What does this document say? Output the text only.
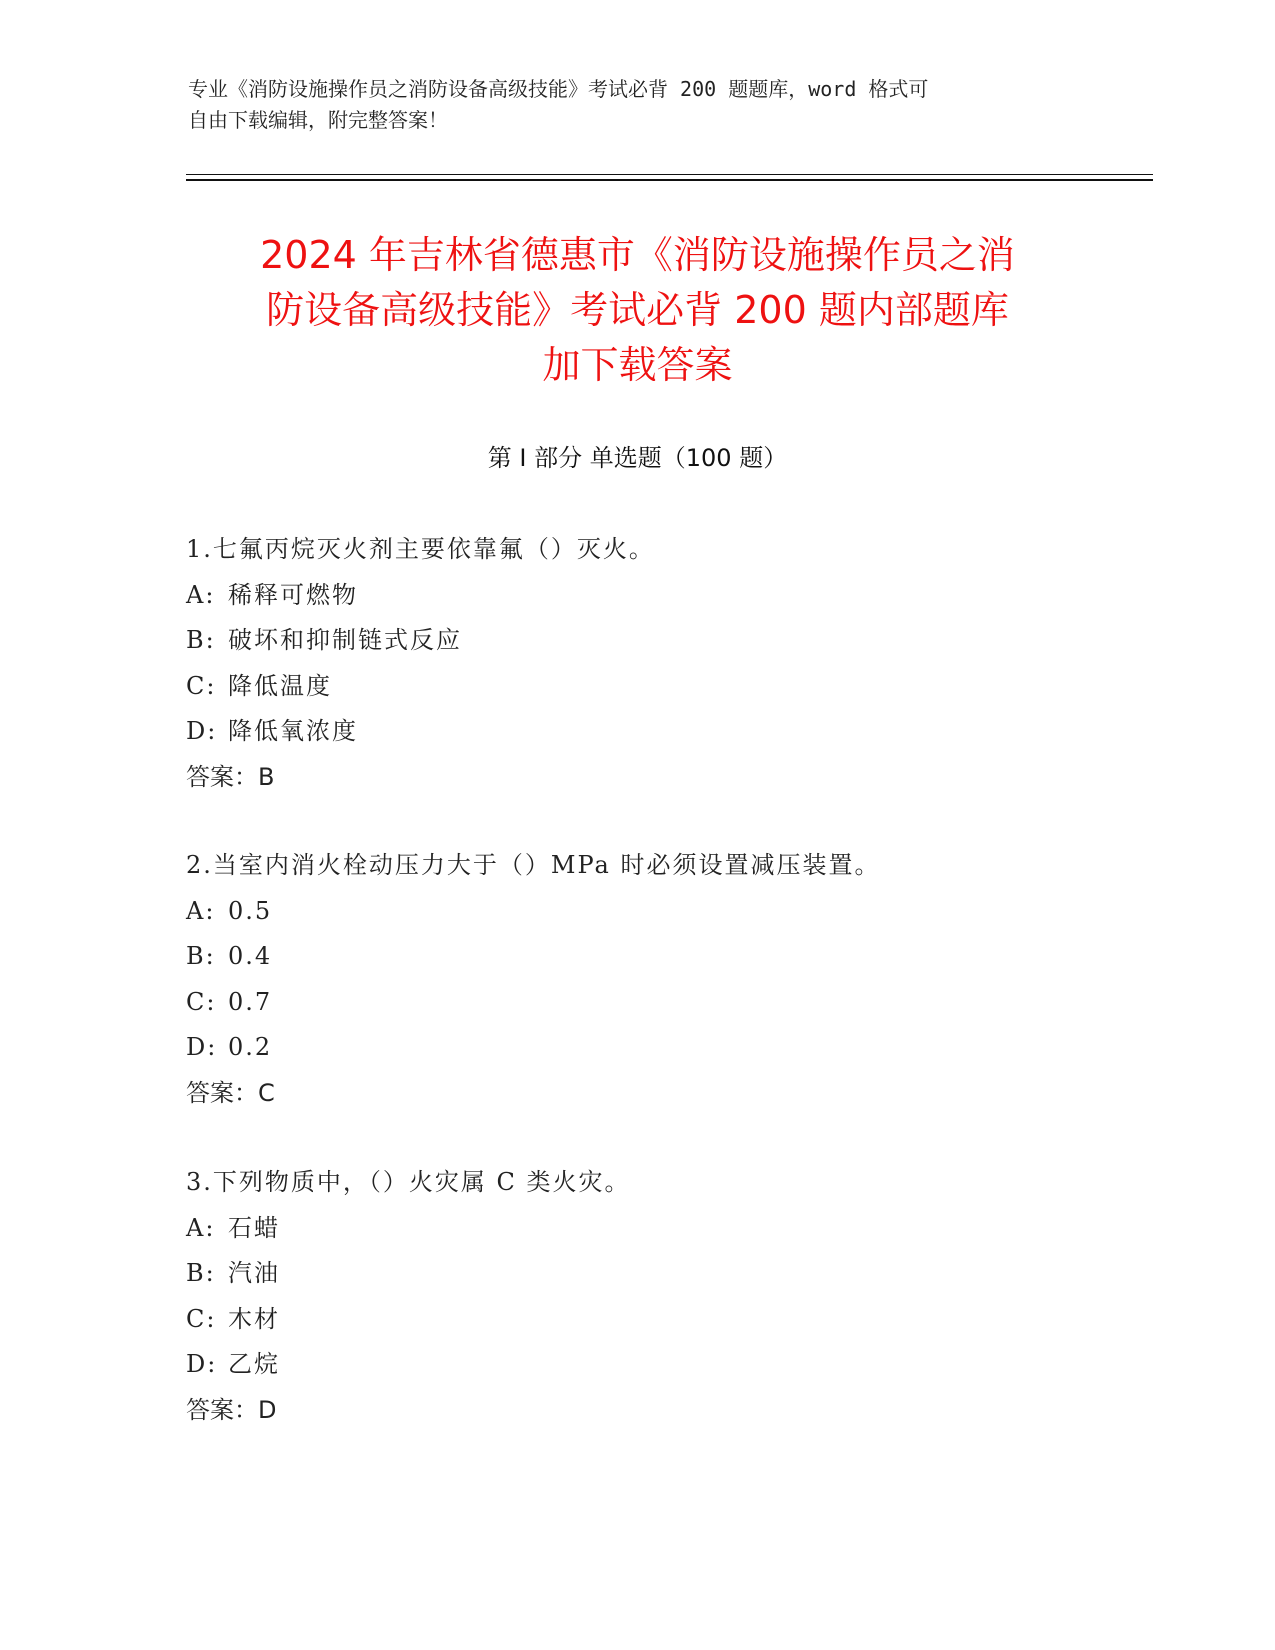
专业《消防设施操作员之消防设备高级技能》考试必背 200 题题库，word 格式可
自由下载编辑，附完整答案！
2024 年吉林省德惠市《消防设施操作员之消
防设备高级技能》考试必背 200 题内部题库
加下载答案
第 I 部分 单选题（100 题）
1.七氟丙烷灭火剂主要依靠氟（）灭火。
A: 稀释可燃物
B: 破坏和抑制链式反应
C: 降低温度
D: 降低氧浓度
答案：B
2.当室内消火栓动压力大于（）MPa 时必须设置减压装置。
A: 0.5
B: 0.4
C: 0.7
D: 0.2
答案：C
3.下列物质中，（）火灾属 C 类火灾。
A: 石蜡
B: 汽油
C: 木材
D: 乙烷
答案：D
